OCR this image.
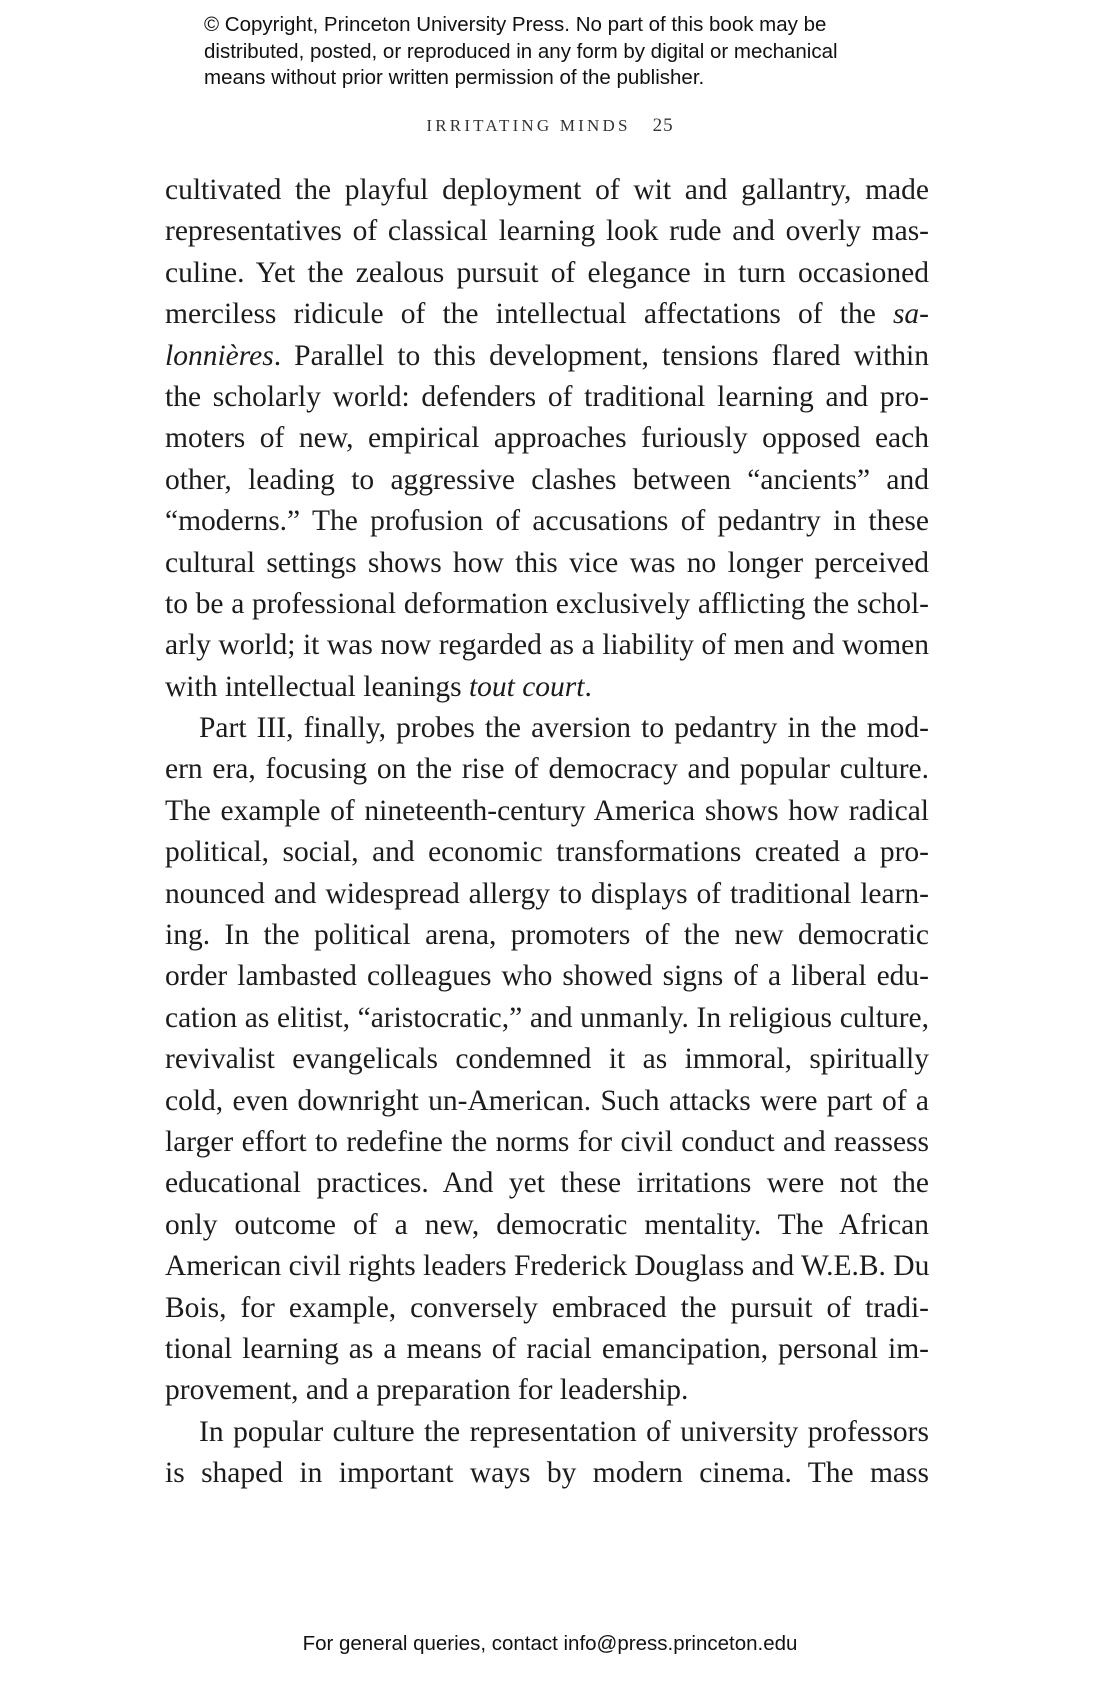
© Copyright, Princeton University Press. No part of this book may be
distributed, posted, or reproduced in any form by digital or mechanical
means without prior written permission of the publisher.
IRRITATING MINDS 25
cultivated the playful deployment of wit and gallantry, made
representatives of classical learning look rude and overly mas-
culine. Yet the zealous pursuit of elegance in turn occasioned
merciless ridicule of the intellectual affectations of the sa-
lonnières. Parallel to this development, tensions flared within
the scholarly world: defenders of traditional learning and pro-
moters of new, empirical approaches furiously opposed each
other, leading to aggressive clashes between “ancients” and
“moderns.” The profusion of accusations of pedantry in these
cultural settings shows how this vice was no longer perceived
to be a professional deformation exclusively afflicting the schol-
arly world; it was now regarded as a liability of men and women
with intellectual leanings tout court.
Part III, finally, probes the aversion to pedantry in the mod-
ern era, focusing on the rise of democracy and popular culture.
The example of nineteenth-century America shows how radical
political, social, and economic transformations created a pro-
nounced and widespread allergy to displays of traditional learn-
ing. In the political arena, promoters of the new democratic
order lambasted colleagues who showed signs of a liberal edu-
cation as elitist, “aristocratic,” and unmanly. In religious culture,
revivalist evangelicals condemned it as immoral, spiritually
cold, even downright un-American. Such attacks were part of a
larger effort to redefine the norms for civil conduct and reassess
educational practices. And yet these irritations were not the
only outcome of a new, democratic mentality. The African
American civil rights leaders Frederick Douglass and W.E.B. Du
Bois, for example, conversely embraced the pursuit of tradi-
tional learning as a means of racial emancipation, personal im-
provement, and a preparation for leadership.
In popular culture the representation of university professors
is shaped in important ways by modern cinema. The mass
For general queries, contact info@press.princeton.edu
